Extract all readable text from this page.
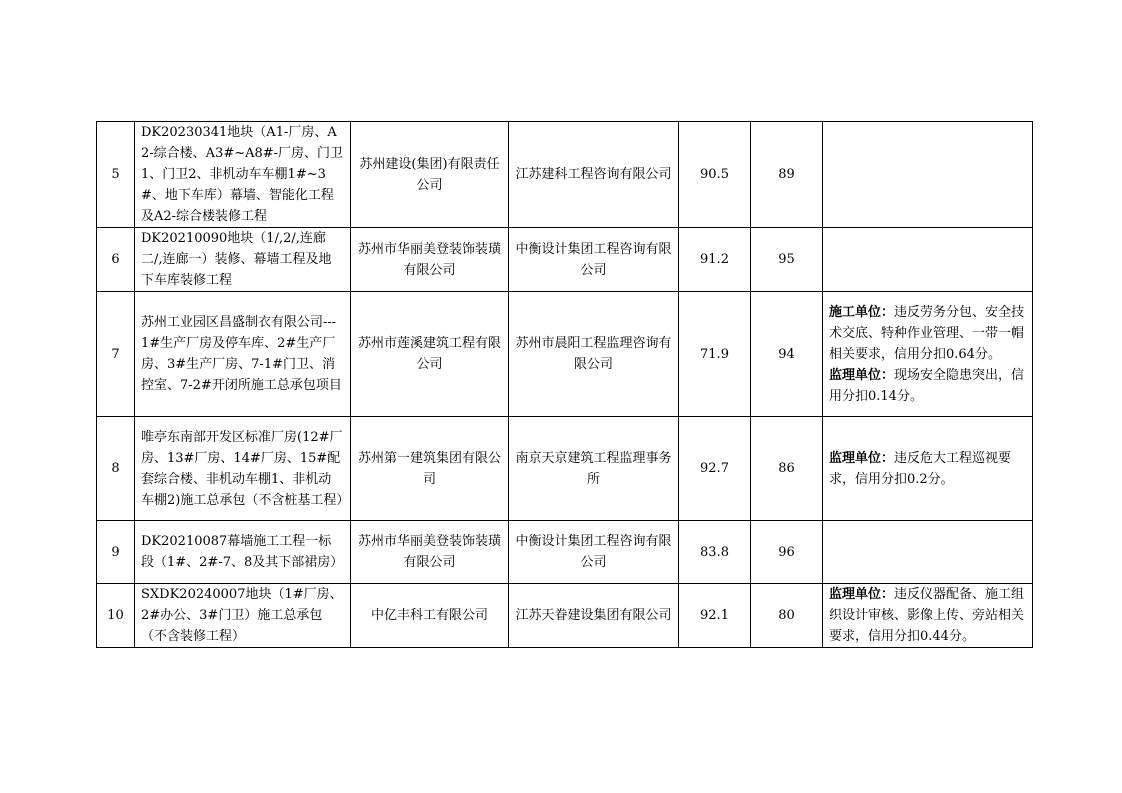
5	DK20230341地块（A1-厂房、A2-综合楼、A3#~A8#-厂房、门卫1、门卫2、非机动车车棚1#~3#、地下车库）幕墙、智能化工程及A2-综合楼装修工程	苏州建设(集团)有限责任公司	江苏建科工程咨询有限公司	90.5	89	
6	DK20210090地块（1/,2/,连廊二/,连廊一）装修、幕墙工程及地下车库装修工程	苏州市华丽美登装饰装璜有限公司	中衡设计集团工程咨询有限公司	91.2	95	
7	苏州工业园区昌盛制衣有限公司---1#生产厂房及停车库、2#生产厂房、3#生产厂房、7-1#门卫、消控室、7-2#开闭所施工总承包项目	苏州市莲溪建筑工程有限公司	苏州市晨阳工程监理咨询有限公司	71.9	94	施工单位：违反劳务分包、安全技术交底、特种作业管理、一带一帽相关要求，信用分扣0.64分。
监理单位：现场安全隐患突出，信用分扣0.14分。

8	唯亭东南部开发区标准厂房(12#厂房、13#厂房、14#厂房、15#配套综合楼、非机动车棚1、非机动车棚2)施工总承包（不含桩基工程）	苏州第一建筑集团有限公司	南京天京建筑工程监理事务所	92.7	86	监理单位：违反危大工程巡视要求，信用分扣0.2分。

9	DK20210087幕墙施工工程一标段（1#、2#-7、8及其下部裙房）	苏州市华丽美登装饰装璜有限公司	中衡设计集团工程咨询有限公司	83.8	96	
10	SXDK20240007地块（1#厂房、2#办公、3#门卫）施工总承包（不含装修工程）	中亿丰科工有限公司	江苏天眷建设集团有限公司	92.1	80	监理单位：违反仪器配备、施工组织设计审核、影像上传、旁站相关要求，信用分扣0.44分。
